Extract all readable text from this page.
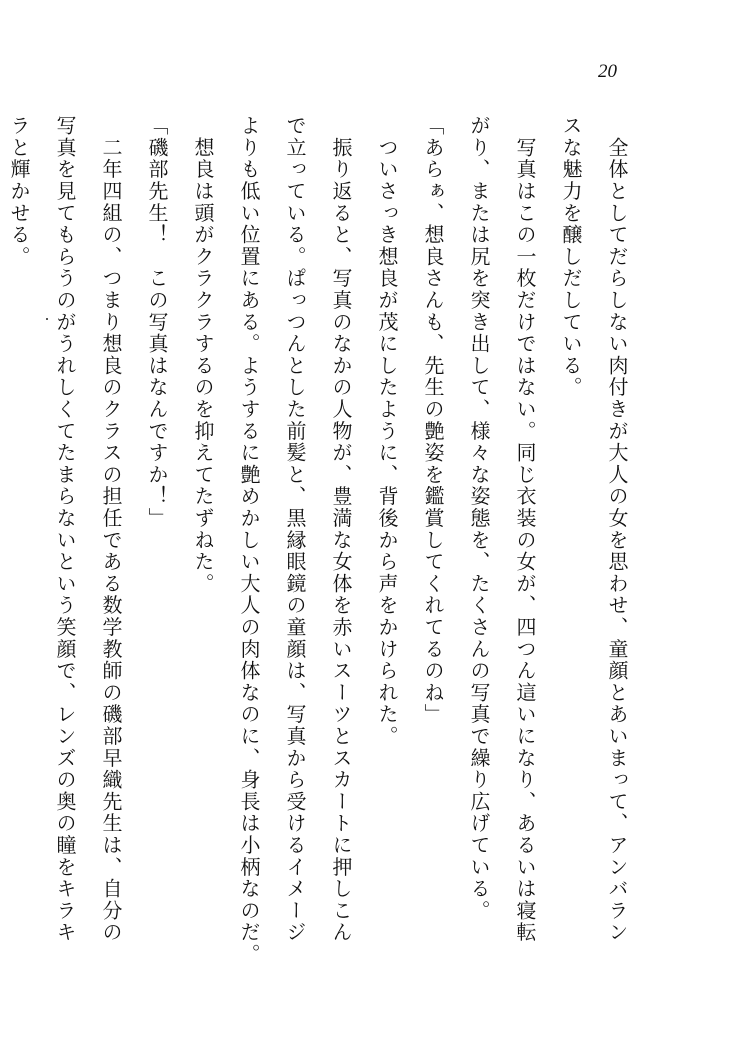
20
　全体としてだらしない肉付きが大人の女を思わせ、童顔とあいまって、アンバラン
スな魅力を醸しだしている。
　写真はこの一枚だけではない。同じ衣装の女が、四つん這いになり、あるいは寝転
がり、または尻を突き出して、様々な姿態を、たくさんの写真で繰り広げている。
「あらぁ、想良さんも、先生の艶姿を鑑賞してくれてるのね」
　ついさっき想良が茂にしたように、背後から声をかけられた。
　振り返ると、写真のなかの人物が、豊満な女体を赤いスーツとスカートに押しこん
で立っている。ぱっつんとした前髪と、黒縁眼鏡の童顔は、写真から受けるイメージ
よりも低い位置にある。ようするに艶めかしい大人の肉体なのに、身長は小柄なのだ。
　想良は頭がクラクラするのを抑えてたずねた。
「磯部先生！　この写真はなんですか！」
　二年四組の、つまり想良のクラスの担任である数学教師の磯部早織先生は、自分の
写真を見てもらうのがうれしくてたまらないという笑顔で、レンズの奥の瞳をキラキ
ラと輝かせる。
